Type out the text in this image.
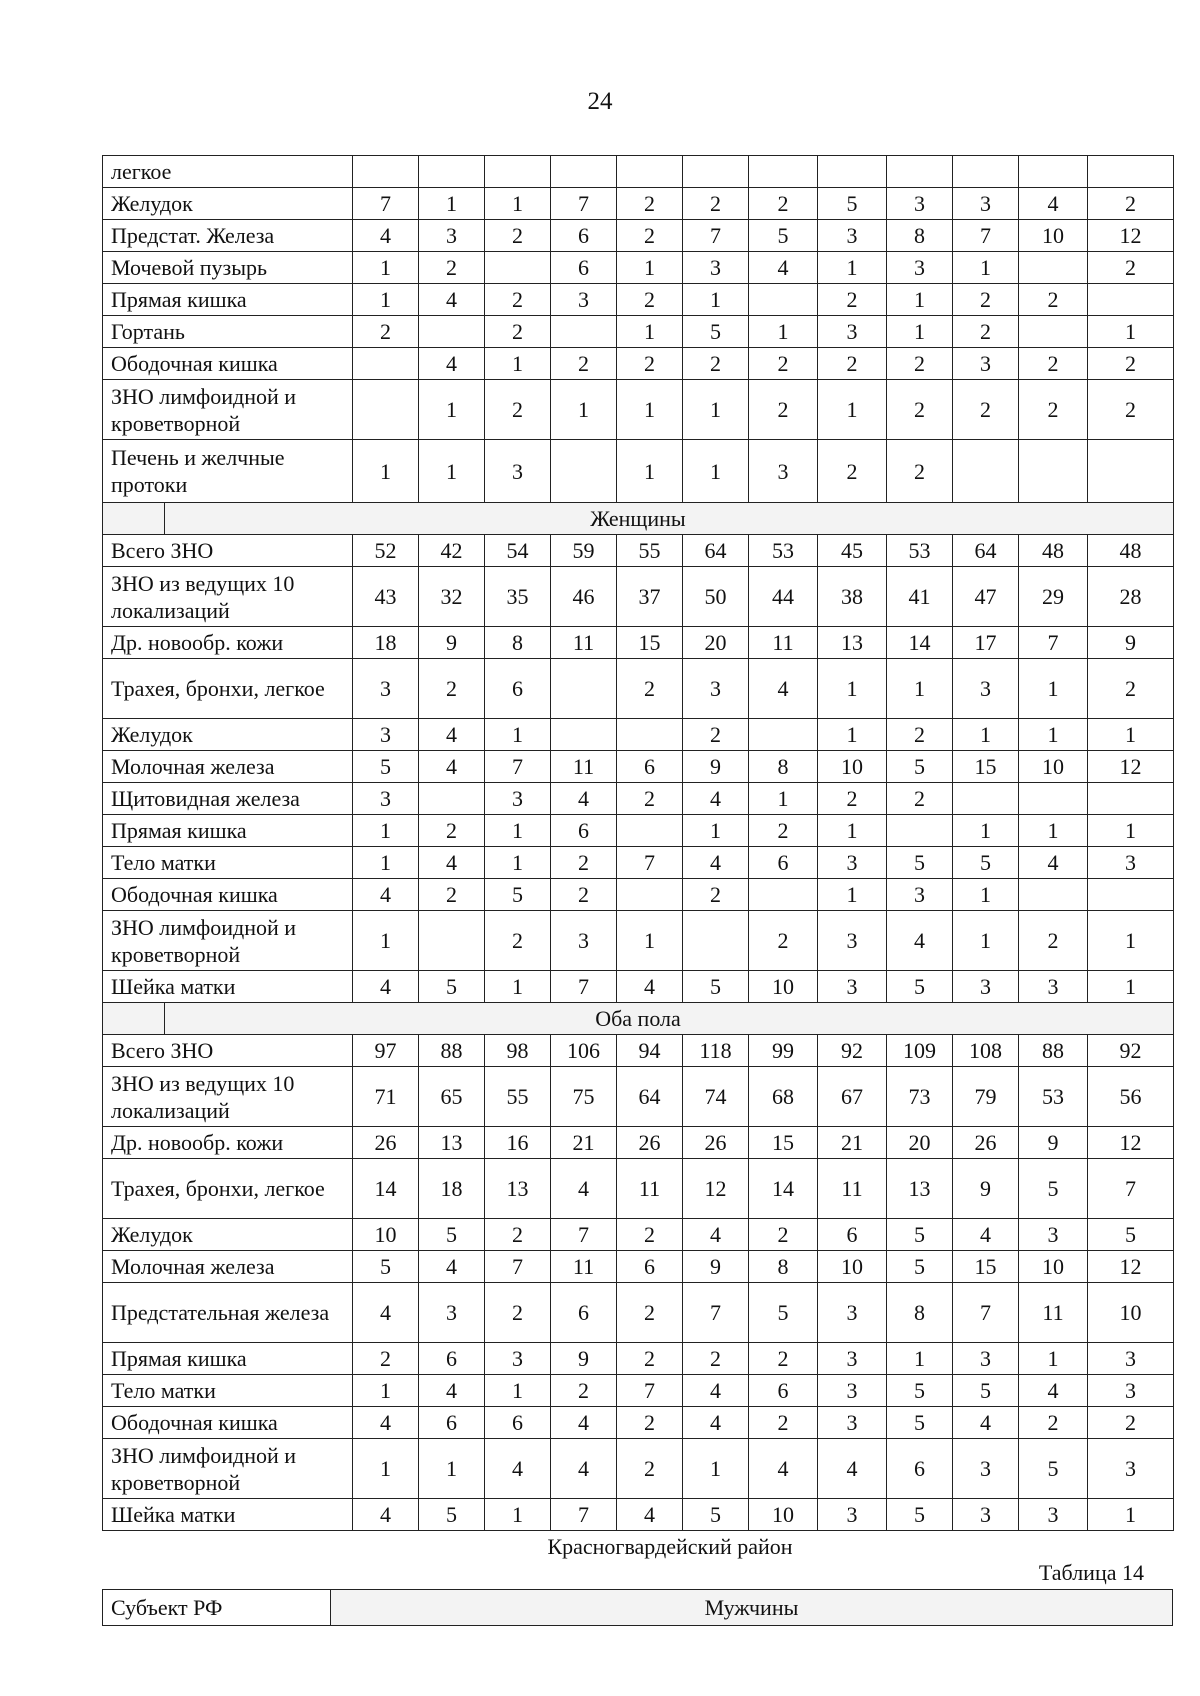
24
легкое												
Желудок	7	1	1	7	2	2	2	5	3	3	4	2
Предстат. Железа	4	3	2	6	2	7	5	3	8	7	10	12
Мочевой пузырь	1	2		6	1	3	4	1	3	1		2
Прямая кишка	1	4	2	3	2	1		2	1	2	2	
Гортань	2		2		1	5	1	3	1	2		1
Ободочная кишка		4	1	2	2	2	2	2	2	3	2	2
ЗНО лимфоидной и кроветворной		1	2	1	1	1	2	1	2	2	2	2
Печень и желчные протоки	1	1	3		1	1	3	2	2			

Женщины												

Всего ЗНО	52	42	54	59	55	64	53	45	53	64	48	48
ЗНО из ведущих 10 локализаций	43	32	35	46	37	50	44	38	41	47	29	28
Др. новообр. кожи	18	9	8	11	15	20	11	13	14	17	7	9
Трахея, бронхи, легкое	3	2	6		2	3	4	1	1	3	1	2
Желудок	3	4	1			2		1	2	1	1	1
Молочная железа	5	4	7	11	6	9	8	10	5	15	10	12
Щитовидная железа	3		3	4	2	4	1	2	2			
Прямая кишка	1	2	1	6		1	2	1		1	1	1
Тело матки	1	4	1	2	7	4	6	3	5	5	4	3
Ободочная кишка	4	2	5	2		2		1	3	1		
ЗНО лимфоидной и кроветворной	1		2	3	1		2	3	4	1	2	1
Шейка матки	4	5	1	7	4	5	10	3	5	3	3	1

Оба пола												

Всего ЗНО	97	88	98	106	94	118	99	92	109	108	88	92
ЗНО из ведущих 10 локализаций	71	65	55	75	64	74	68	67	73	79	53	56
Др. новообр. кожи	26	13	16	21	26	26	15	21	20	26	9	12
Трахея, бронхи, легкое	14	18	13	4	11	12	14	11	13	9	5	7
Желудок	10	5	2	7	2	4	2	6	5	4	3	5
Молочная железа	5	4	7	11	6	9	8	10	5	15	10	12
Предстательная железа	4	3	2	6	2	7	5	3	8	7	11	10
Прямая кишка	2	6	3	9	2	2	2	3	1	3	1	3
Тело матки	1	4	1	2	7	4	6	3	5	5	4	3
Ободочная кишка	4	6	6	4	2	4	2	3	5	4	2	2
ЗНО лимфоидной и кроветворной	1	1	4	4	2	1	4	4	6	3	5	3
Шейка матки	4	5	1	7	4	5	10	3	5	3	3	1
Красногвардейский район
Таблица 14
Субъект РФ	Мужчины
